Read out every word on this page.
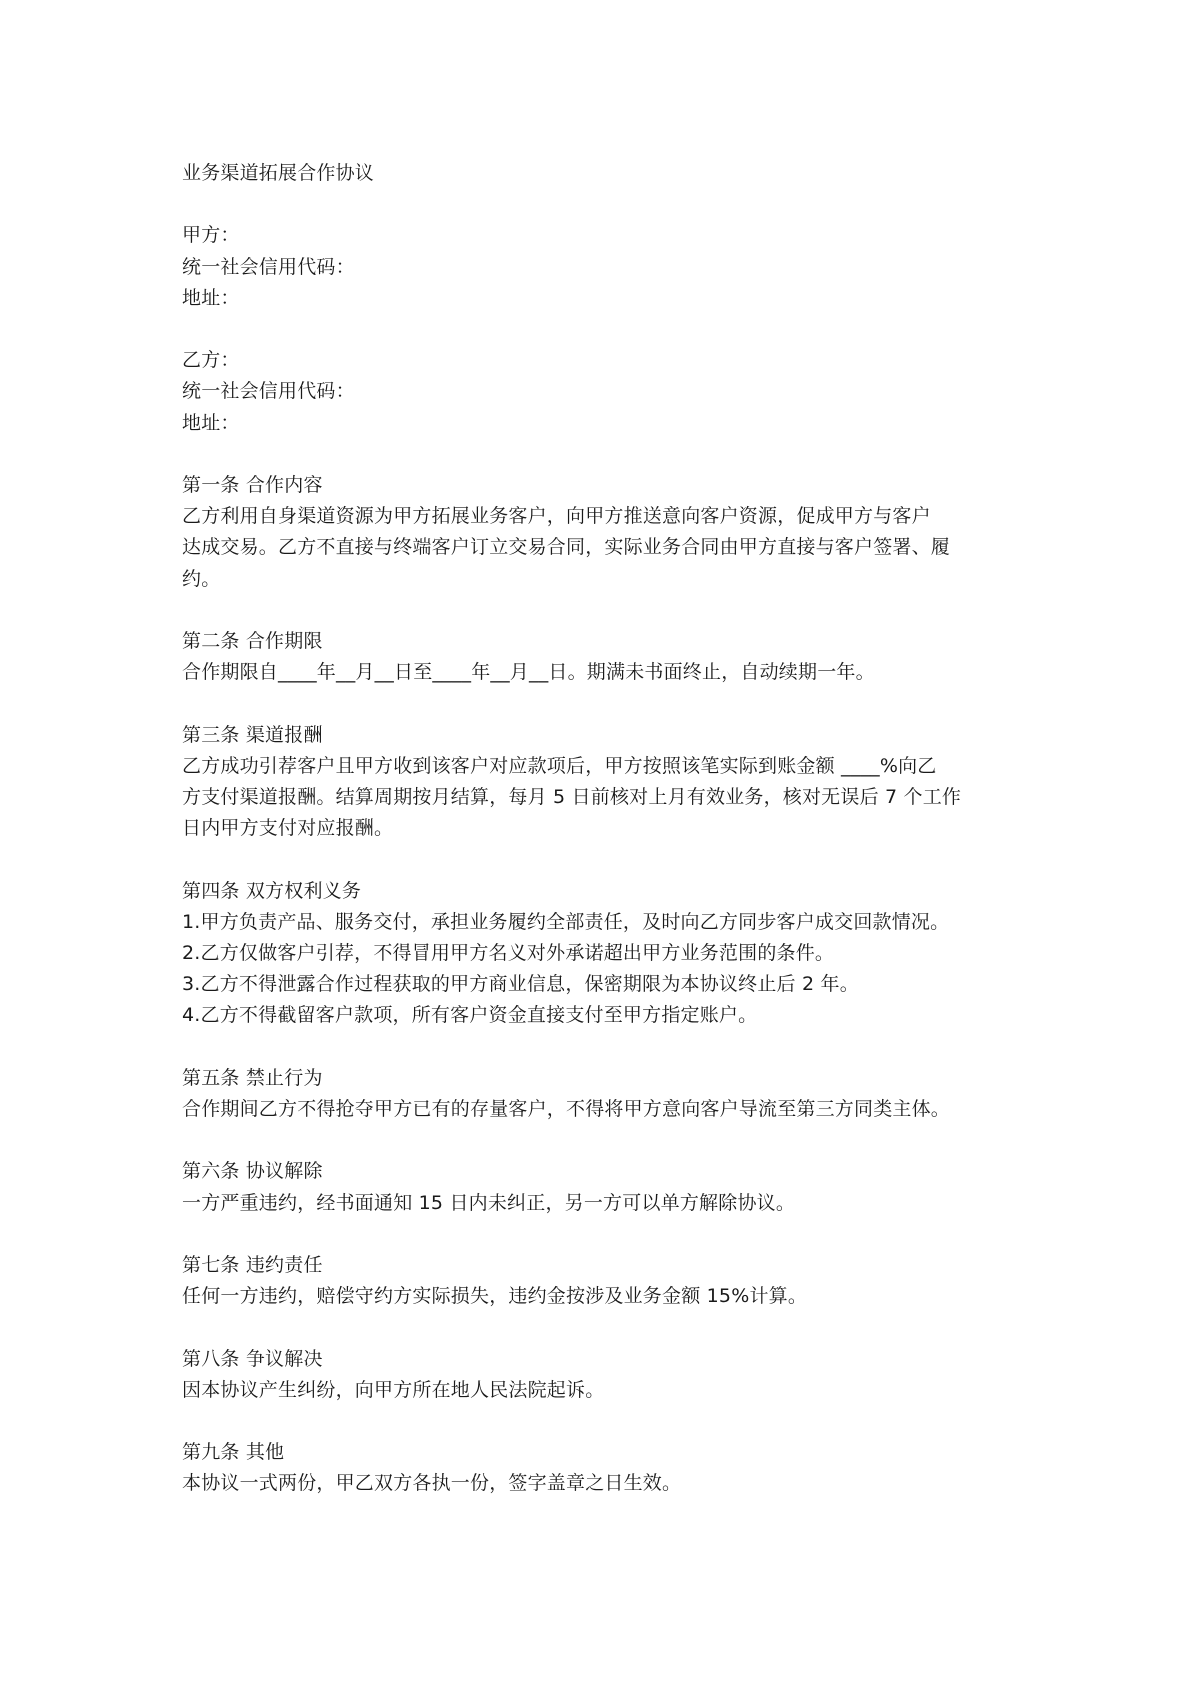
业务渠道拓展合作协议
甲方：
统一社会信用代码：
地址：
乙方：
统一社会信用代码：
地址：
第一条 合作内容
乙方利用自身渠道资源为甲方拓展业务客户，向甲方推送意向客户资源，促成甲方与客户
达成交易。乙方不直接与终端客户订立交易合同，实际业务合同由甲方直接与客户签署、履
约。
第二条 合作期限
合作期限自____年__月__日至____年__月__日。期满未书面终止，自动续期一年。
第三条 渠道报酬
乙方成功引荐客户且甲方收到该客户对应款项后，甲方按照该笔实际到账金额 ____%向乙
方支付渠道报酬。结算周期按月结算，每月 5 日前核对上月有效业务，核对无误后 7 个工作
日内甲方支付对应报酬。
第四条 双方权利义务
1.甲方负责产品、服务交付，承担业务履约全部责任，及时向乙方同步客户成交回款情况。
2.乙方仅做客户引荐，不得冒用甲方名义对外承诺超出甲方业务范围的条件。
3.乙方不得泄露合作过程获取的甲方商业信息，保密期限为本协议终止后 2 年。
4.乙方不得截留客户款项，所有客户资金直接支付至甲方指定账户。
第五条 禁止行为
合作期间乙方不得抢夺甲方已有的存量客户，不得将甲方意向客户导流至第三方同类主体。
第六条 协议解除
一方严重违约，经书面通知 15 日内未纠正，另一方可以单方解除协议。
第七条 违约责任
任何一方违约，赔偿守约方实际损失，违约金按涉及业务金额 15%计算。
第八条 争议解决
因本协议产生纠纷，向甲方所在地人民法院起诉。
第九条 其他
本协议一式两份，甲乙双方各执一份，签字盖章之日生效。
